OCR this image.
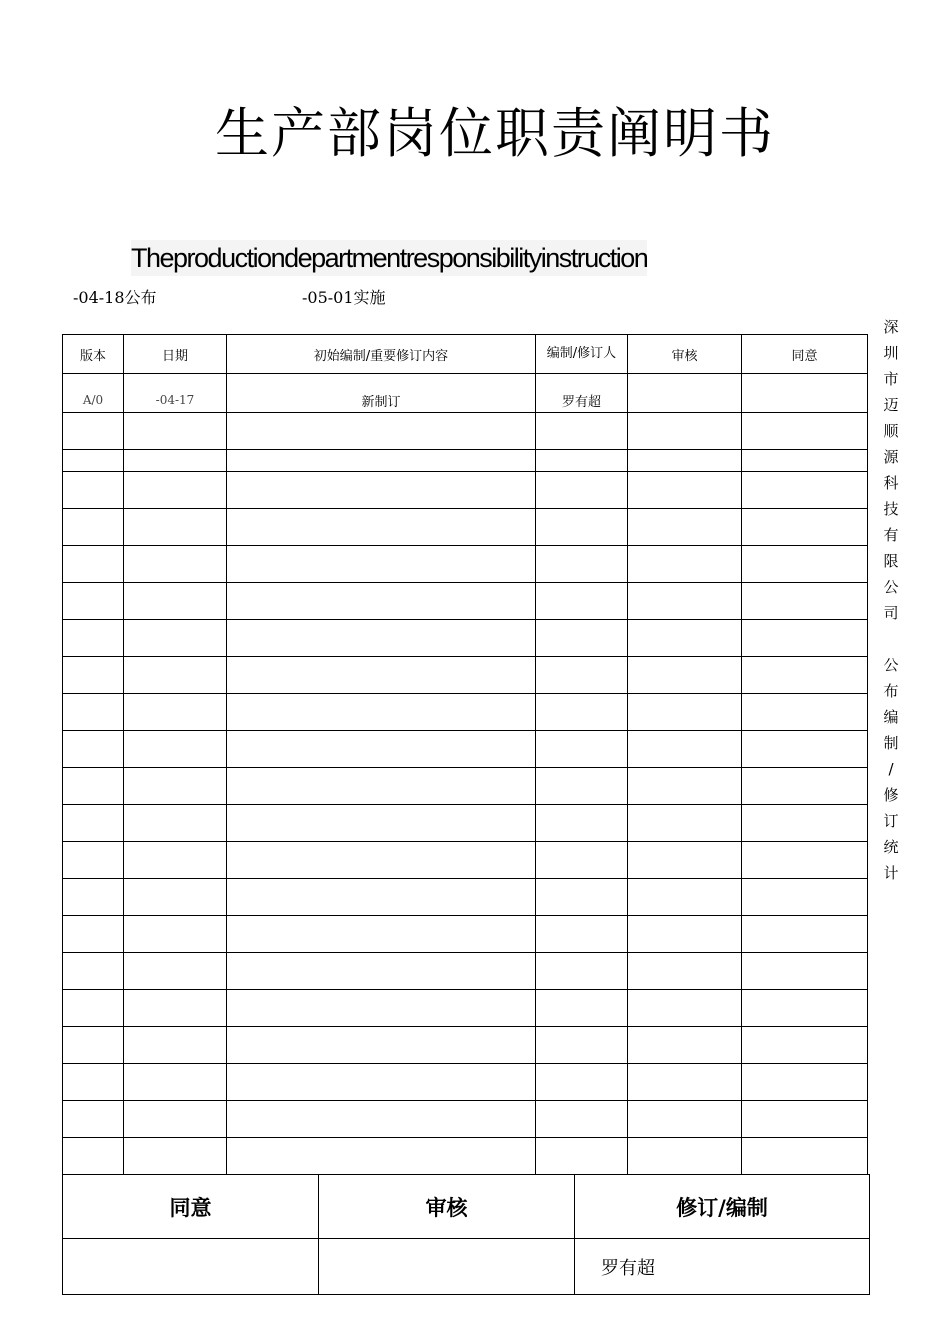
生产部岗位职责阐明书
Theproductiondepartmentresponsibilityinstruction
-04-18公布	-05-01实施
版本	日期	初始编制/重要修订内容	编制/修订人	审核	同意
A/0	-04-17	新制订	罗有超		

同意	审核	修订/编制
		罗有超
深
圳
市
迈
顺
源
科
技
有
限
公
司
公
布
编
制
/
修
订
统
计
